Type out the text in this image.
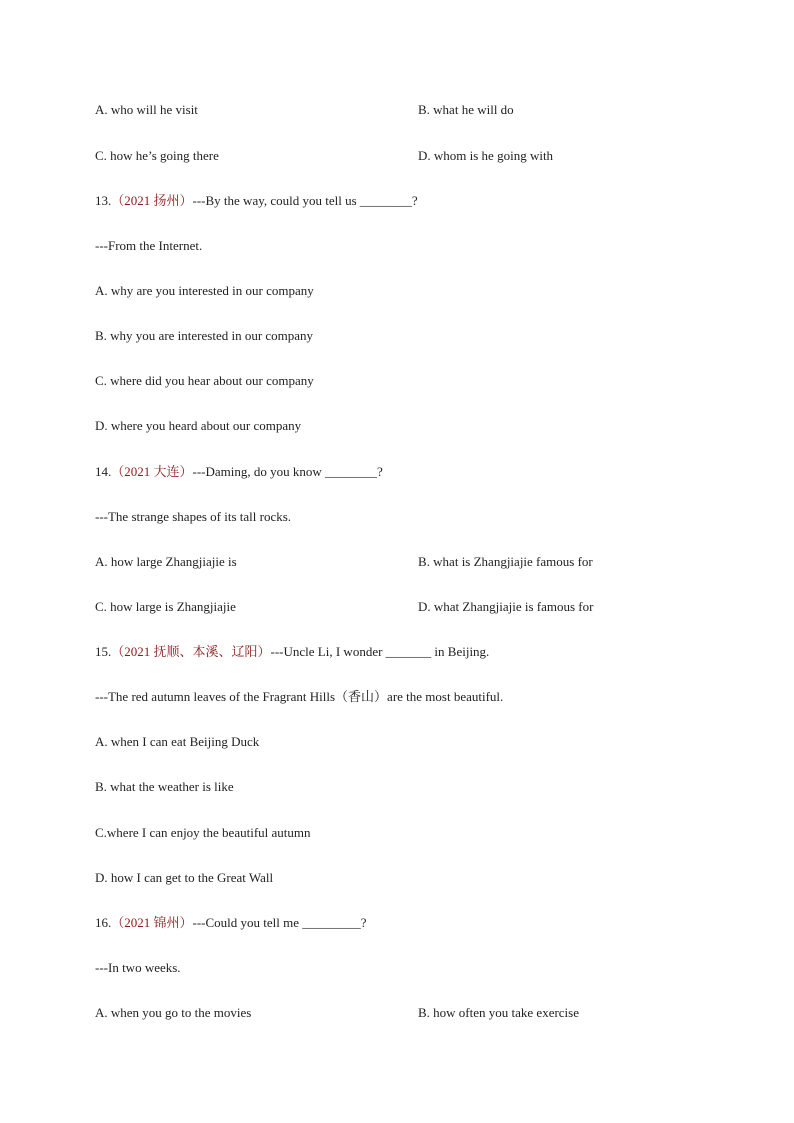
A. who will he visit	B. what he will do
C. how he’s going there	D. whom is he going with
13.（2021 扬州）---By the way, could you tell us ________?
---From the Internet.
A. why are you interested in our company
B. why you are interested in our company
C. where did you hear about our company
D. where you heard about our company
14.（2021 大连）---Daming, do you know ________?
---The strange shapes of its tall rocks.
A. how large Zhangjiajie is	B. what is Zhangjiajie famous for
C. how large is Zhangjiajie	D. what Zhangjiajie is famous for
15.（2021 抚顺、本溪、辽阳）---Uncle Li, I wonder _______ in Beijing.
---The red autumn leaves of the Fragrant Hills（香山）are the most beautiful.
A. when I can eat Beijing Duck
B. what the weather is like
C.where I can enjoy the beautiful autumn
D. how I can get to the Great Wall
16.（2021 锦州）---Could you tell me _________?
---In two weeks.
A. when you go to the movies	B. how often you take exercise
